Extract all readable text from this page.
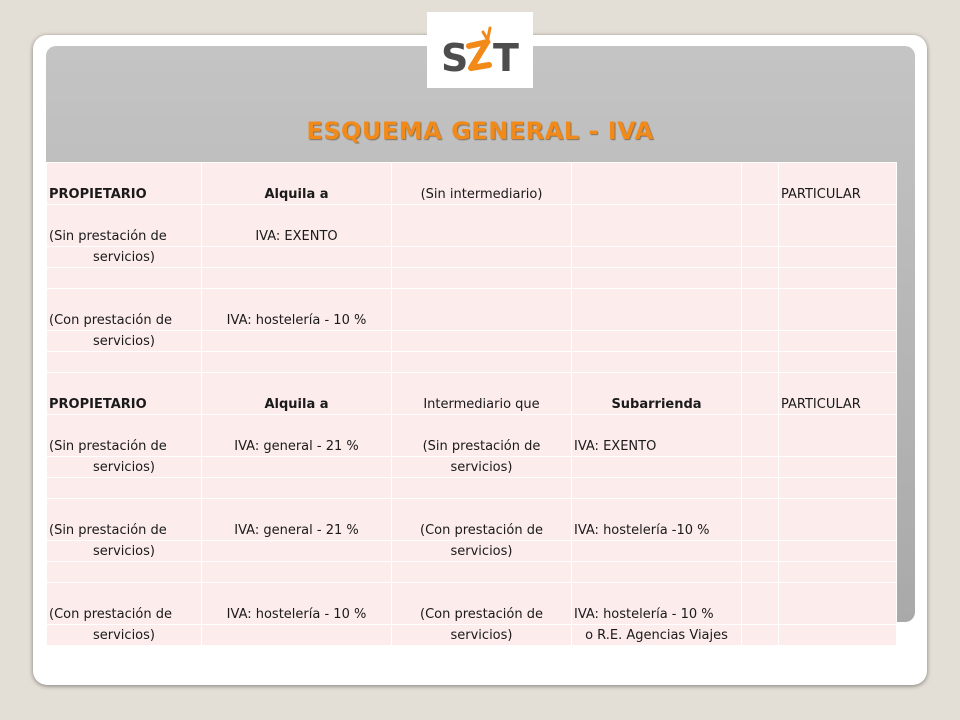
S T
ESQUEMA GENERAL - IVA
PROPIETARIO	Alquila a	(Sin intermediario)			PARTICULAR
(Sin prestación de	IVA: EXENTO				
servicios)					

(Con prestación de	IVA: hostelería - 10 %				
servicios)					

PROPIETARIO	Alquila a	Intermediario que	Subarrienda		PARTICULAR
(Sin prestación de	IVA: general - 21 %	(Sin prestación de	IVA: EXENTO		
servicios)		servicios)			

(Sin prestación de	IVA: general - 21 %	(Con prestación de	IVA: hostelería -10 %		
servicios)		servicios)			

(Con prestación de	IVA: hostelería - 10 %	(Con prestación de	IVA: hostelería - 10 %		
servicios)		servicios)	o R.E. Agencias Viajes		
